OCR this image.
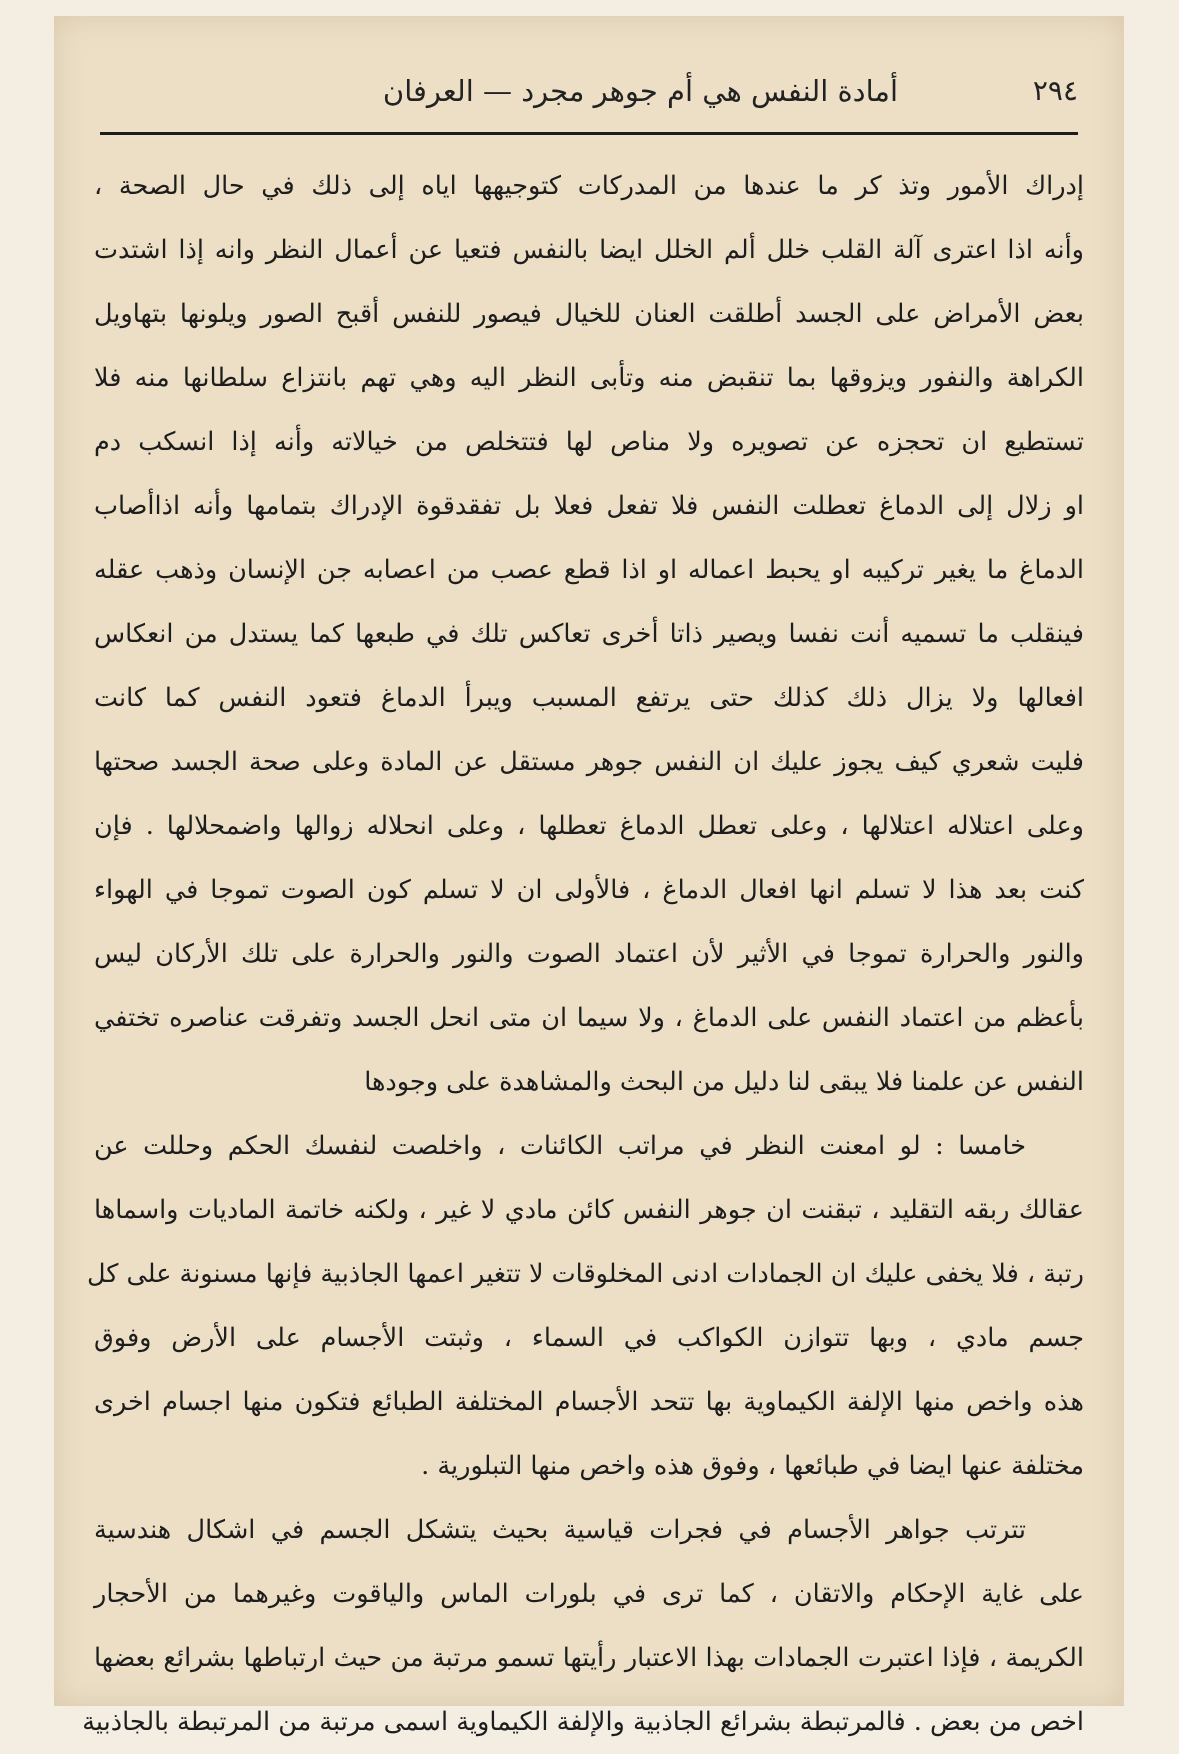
٢٩٤
أمادة النفس هي أم جوهر مجرد — العرفان
إدراك الأمور وتذ كر ما عندها من المدركات كتوجيهها اياه إلى ذلك في حال الصحة ،
وأنه اذا اعترى آلة القلب خلل ألم الخلل ايضا بالنفس فتعيا عن أعمال النظر وانه إذا اشتدت
بعض الأمراض على الجسد أطلقت العنان للخيال فيصور للنفس أقبح الصور ويلونها بتهاويل
الكراهة والنفور ويزوقها بما تنقبض منه وتأبى النظر اليه وهي تهم بانتزاع سلطانها منه فلا
تستطيع ان تحجزه عن تصويره ولا مناص لها فتتخلص من خيالاته وأنه إذا انسكب دم
او زلال إلى الدماغ تعطلت النفس فلا تفعل فعلا بل تفقدقوة الإدراك بتمامها وأنه اذاأصاب
الدماغ ما يغير تركيبه او يحبط اعماله او اذا قطع عصب من اعصابه جن الإنسان وذهب عقله
فينقلب ما تسميه أنت نفسا ويصير ذاتا أخرى تعاكس تلك في طبعها كما يستدل من انعكاس
افعالها ولا يزال ذلك كذلك حتى يرتفع المسبب ويبرأ الدماغ فتعود النفس كما كانت
فليت شعري كيف يجوز عليك ان النفس جوهر مستقل عن المادة وعلى صحة الجسد صحتها
وعلى اعتلاله اعتلالها ، وعلى تعطل الدماغ تعطلها ، وعلى انحلاله زوالها واضمحلالها . فإن
كنت بعد هذا لا تسلم انها افعال الدماغ ، فالأولى ان لا تسلم كون الصوت تموجا في الهواء
والنور والحرارة تموجا في الأثير لأن اعتماد الصوت والنور والحرارة على تلك الأركان ليس
بأعظم من اعتماد النفس على الدماغ ، ولا سيما ان متى انحل الجسد وتفرقت عناصره تختفي
النفس عن علمنا فلا يبقى لنا دليل من البحث والمشاهدة على وجودها
خامسا : لو امعنت النظر في مراتب الكائنات ، واخلصت لنفسك الحكم وحللت عن
عقالك ربقه التقليد ، تبقنت ان جوهر النفس كائن مادي لا غير ، ولكنه خاتمة الماديات واسماها
رتبة ، فلا يخفى عليك ان الجمادات ادنى المخلوقات لا تتغير اعمها الجاذبية فإنها مسنونة على كل
جسم مادي ، وبها تتوازن الكواكب في السماء ، وثبتت الأجسام على الأرض وفوق
هذه واخص منها الإلفة الكيماوية بها تتحد الأجسام المختلفة الطبائع فتكون منها اجسام اخرى
مختلفة عنها ايضا في طبائعها ، وفوق هذه واخص منها التبلورية .
تترتب جواهر الأجسام في فجرات قياسية بحيث يتشكل الجسم في اشكال هندسية
على غاية الإحكام والاتقان ، كما ترى في بلورات الماس والياقوت وغيرهما من الأحجار
الكريمة ، فإذا اعتبرت الجمادات بهذا الاعتبار رأيتها تسمو مرتبة من حيث ارتباطها بشرائع بعضها
اخص من بعض . فالمرتبطة بشرائع الجاذبية والإلفة الكيماوية اسمى مرتبة من المرتبطة بالجاذبية
